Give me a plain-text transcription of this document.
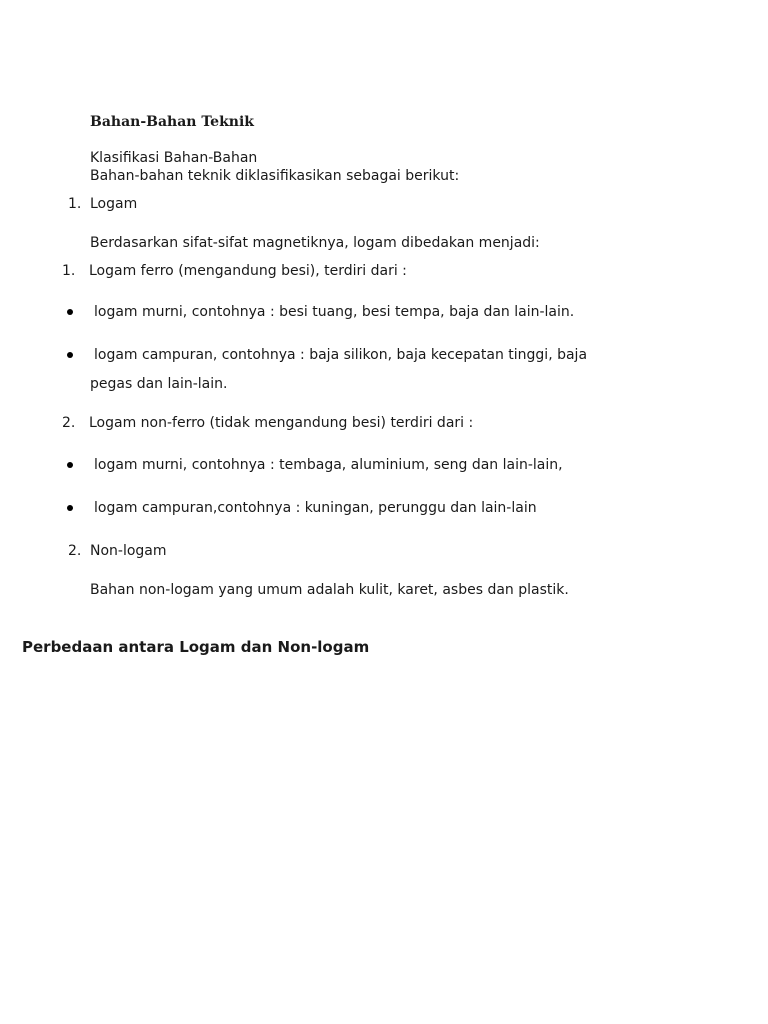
Bahan-Bahan Teknik
Klasifikasi Bahan-Bahan
Bahan-bahan teknik diklasifikasikan sebagai berikut:
1. Logam
Berdasarkan sifat-sifat magnetiknya, logam dibedakan menjadi:
1. Logam ferro (mengandung besi), terdiri dari :
logam murni, contohnya : besi tuang, besi tempa, baja dan lain-lain.
logam campuran, contohnya : baja silikon, baja kecepatan tinggi, baja
pegas dan lain-lain.
2. Logam non-ferro (tidak mengandung besi) terdiri dari :
logam murni, contohnya : tembaga, aluminium, seng dan lain-lain,
logam campuran,contohnya : kuningan, perunggu dan lain-lain
2. Non-logam
Bahan non-logam yang umum adalah kulit, karet, asbes dan plastik.
Perbedaan antara Logam dan Non-logam
